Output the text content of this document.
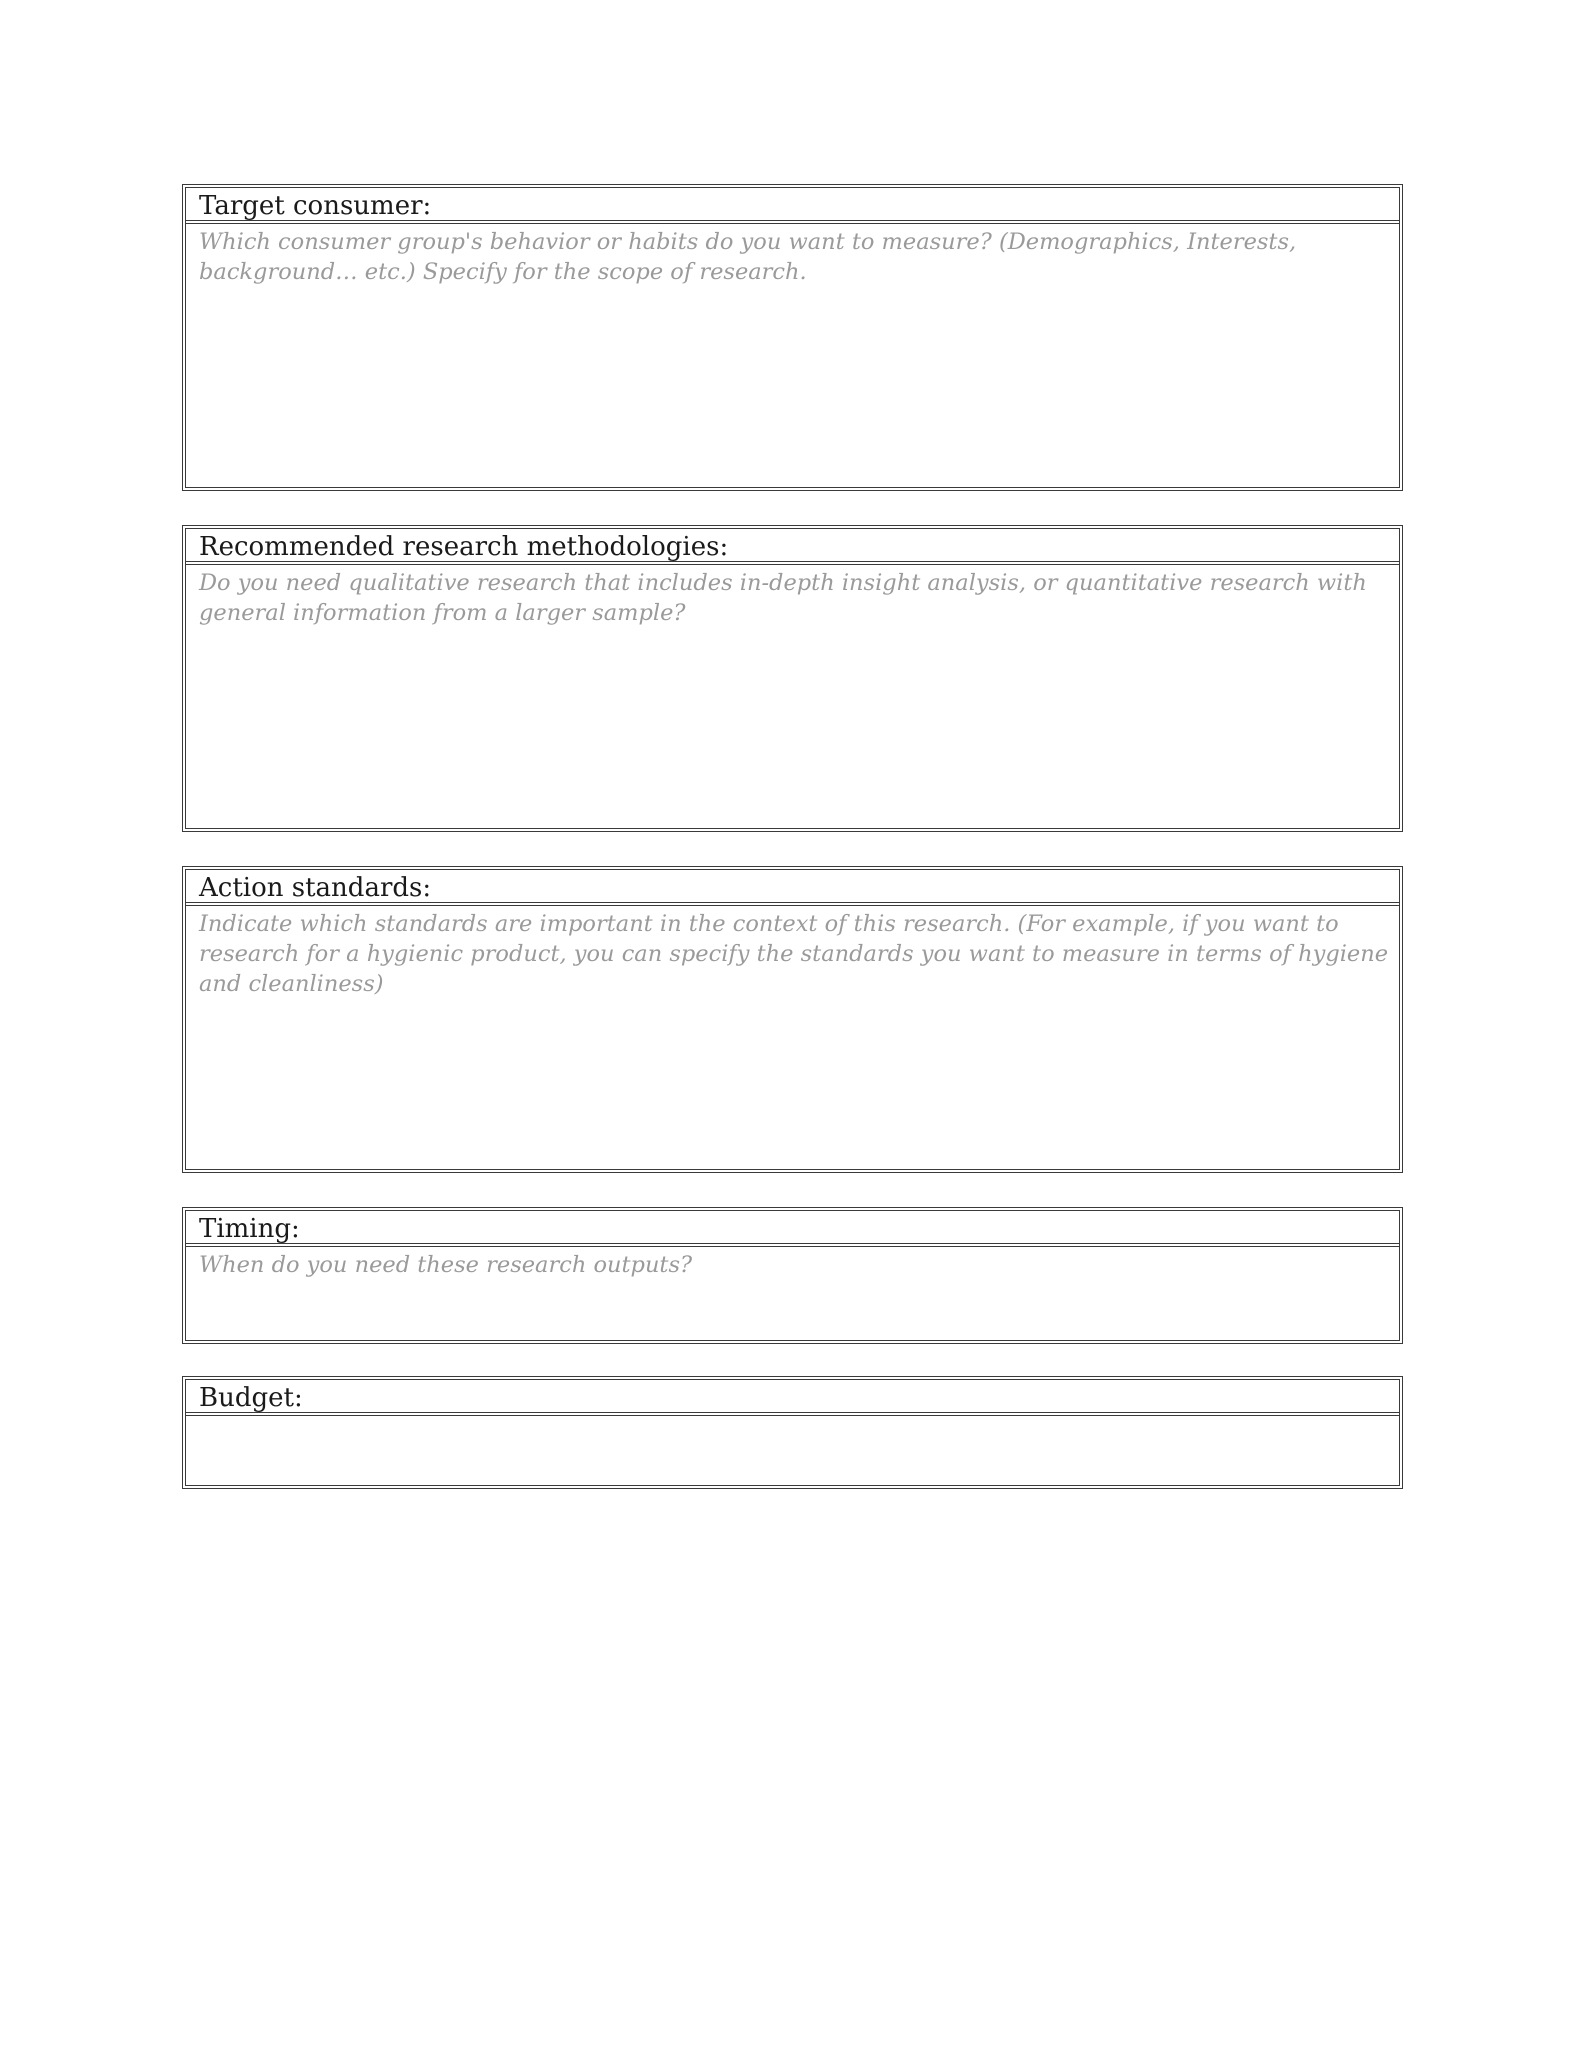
Target consumer:
Which consumer group's behavior or habits do you want to measure? (Demographics, Interests, background… etc.) Specify for the scope of research.
Recommended research methodologies:
Do you need qualitative research that includes in-depth insight analysis, or quantitative research with general information from a larger sample?
Action standards:
Indicate which standards are important in the context of this research. (For example, if you want to research for a hygienic product, you can specify the standards you want to measure in terms of hygiene and cleanliness)
Timing:
When do you need these research outputs?
Budget:
